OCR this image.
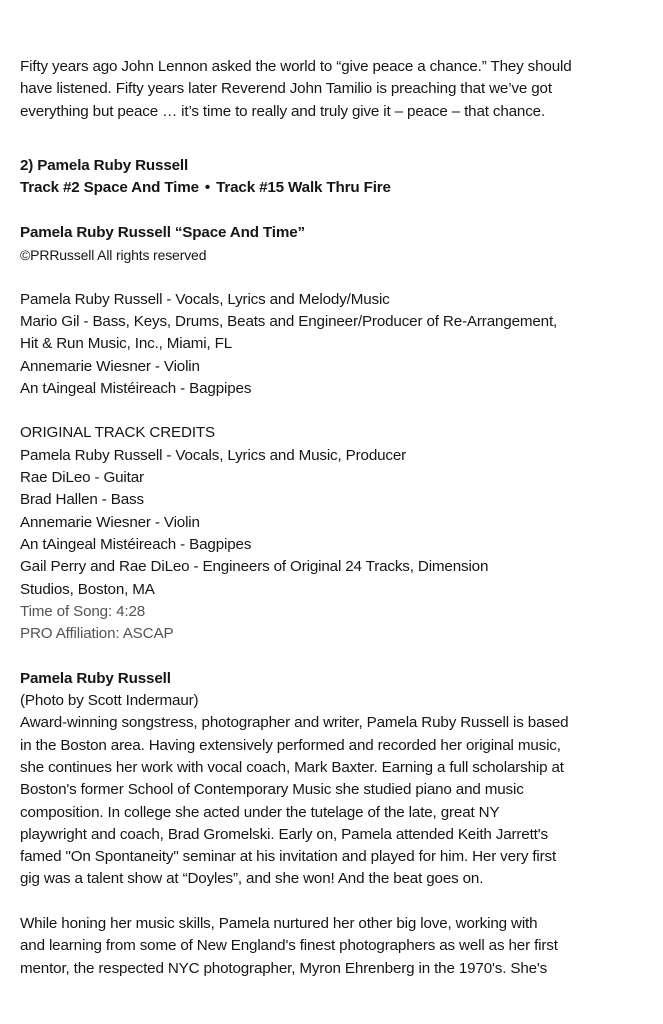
Fifty years ago John Lennon asked the world to “give peace a chance.” They should
have listened. Fifty years later Reverend John Tamilio is preaching that we’ve got
everything but peace … it’s time to really and truly give it – peace – that chance.
2) Pamela Ruby Russell
Track #2 Space And Time • Track #15 Walk Thru Fire
Pamela Ruby Russell “Space And Time”
©PRRussell All rights reserved
Pamela Ruby Russell - Vocals, Lyrics and Melody/Music
Mario Gil - Bass, Keys, Drums, Beats and Engineer/Producer of Re-Arrangement,
Hit & Run Music, Inc., Miami, FL
Annemarie Wiesner - Violin
An tAingeal Mistéireach - Bagpipes
ORIGINAL TRACK CREDITS
Pamela Ruby Russell - Vocals, Lyrics and Music, Producer
Rae DiLeo - Guitar
Brad Hallen - Bass
Annemarie Wiesner - Violin
An tAingeal Mistéireach - Bagpipes
Gail Perry and Rae DiLeo - Engineers of Original 24 Tracks, Dimension
Studios, Boston, MA
Time of Song: 4:28
PRO Affiliation: ASCAP
Pamela Ruby Russell
(Photo by Scott Indermaur)
Award-winning songstress, photographer and writer, Pamela Ruby Russell is based
in the Boston area. Having extensively performed and recorded her original music,
she continues her work with vocal coach, Mark Baxter. Earning a full scholarship at
Boston's former School of Contemporary Music she studied piano and music
composition. In college she acted under the tutelage of the late, great NY
playwright and coach, Brad Gromelski. Early on, Pamela attended Keith Jarrett's
famed "On Spontaneity" seminar at his invitation and played for him. Her very first
gig was a talent show at “Doyles”, and she won! And the beat goes on.
While honing her music skills, Pamela nurtured her other big love, working with
and learning from some of New England's finest photographers as well as her first
mentor, the respected NYC photographer, Myron Ehrenberg in the 1970's. She's
